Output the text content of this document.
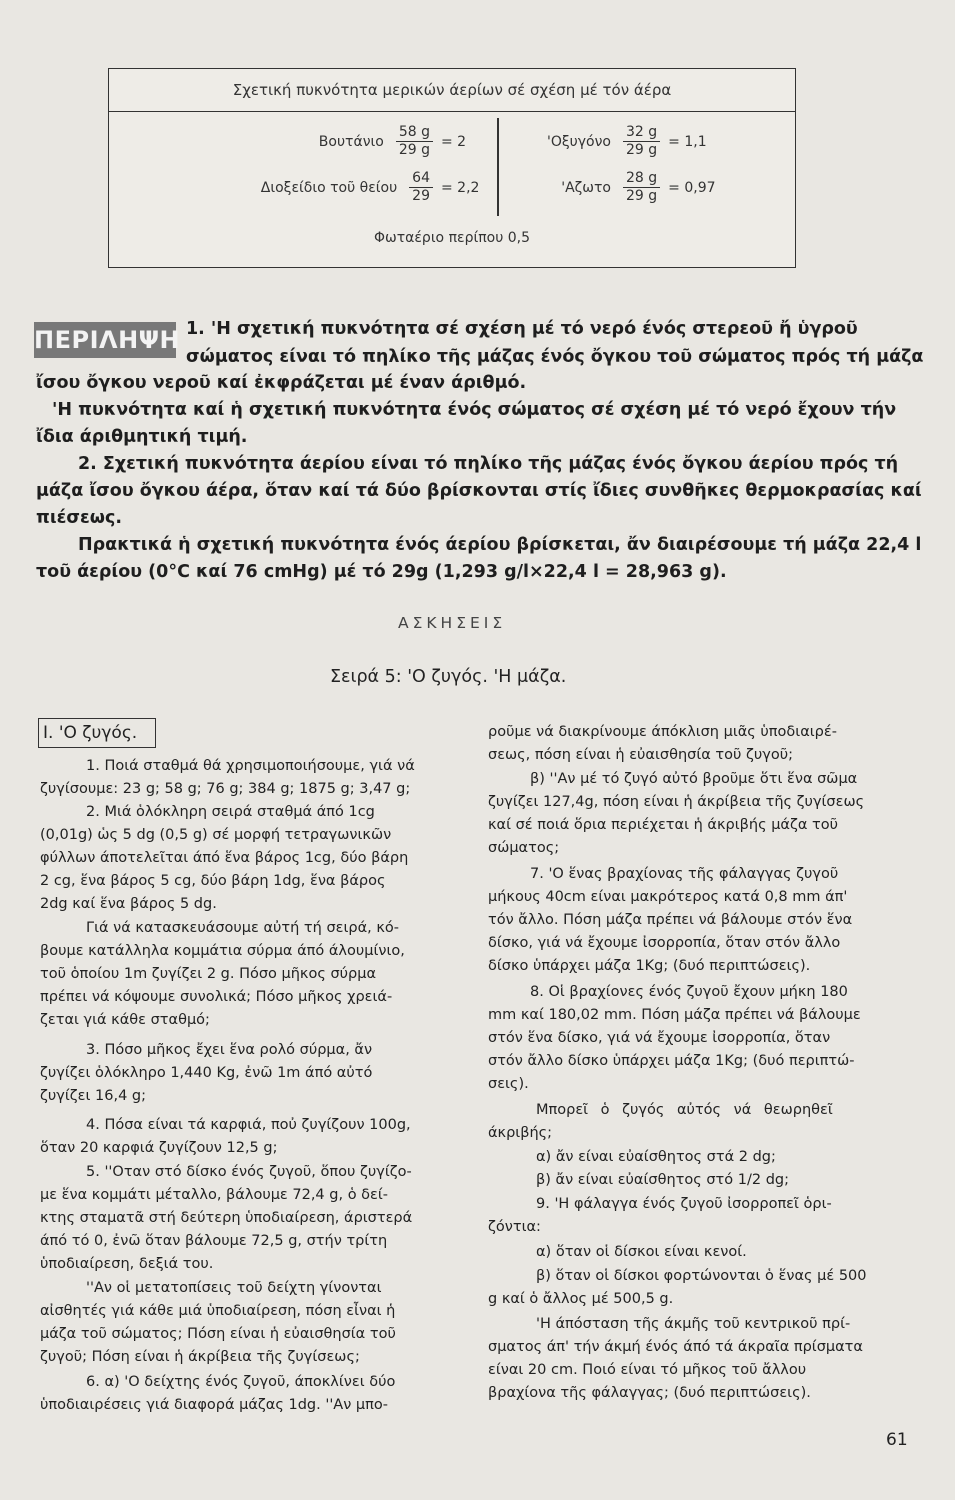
Σχετική πυκνότητα μερικών άερίων σέ σχέση μέ τόν άέρα
Βουτάνιο $\frac{58 g}{29 g} = 2$
Διοξείδιο τοῦ θείου $\frac{64}{29} = 2,2$
'$O\xi\upsilon\gamma ό\nu o \frac{32 g}{29 g} = 1,1$
'$A\zeta\omega\tau o \frac{28 g}{29 g} = 0,97$
Φωταέριο περίπου 0,5
ΠΕΡΙΛΗΨΗ 1. 'Η σχετική πυκνότητα σέ σχέση μέ τό νερό ένός στερεοῦ ἤ ὑγροῦ
σώματος είναι τό πηλίκο τῆς μάζας ένός ὄγκου τοῦ σώματος πρός τή μάζα
ἴσου ὄγκου νεροῦ καί ἐκφράζεται μέ έναν άριθμό.
'Η πυκνότητα καί ἡ σχετική πυκνότητα ένός σώματος σέ σχέση μέ τό νερό ἔχουν τήν
ἴδια άριθμητική τιμή.
2. Σχετική πυκνότητα άερίου είναι τό πηλίκο τῆς μάζας ένός ὄγκου άερίου πρός τή
μάζα ἴσου ὄγκου άέρα, ὅταν καί τά δύο βρίσκονται στίς ἴδιες συνθῆκες θερμοκρασίας καί
πιέσεως.
Πρακτικά ἡ σχετική πυκνότητα ένός άερίου βρίσκεται, ἄν διαιρέσουμε τή μάζα 22,4 l
τοῦ άερίου (0°C καί 76 cmHg) μέ τό 29g (1,293 g/l×22,4 l = 28,963 g).
ΑΣΚΗΣΕΙΣ
Σειρά 5: 'Ο ζυγός. 'Η μάζα.
I. 'Ο ζυγός.
1. Ποιά σταθμά θά χρησιμοποιήσουμε, γιά νά
ζυγίσουμε: 23 g; 58 g; 76 g; 384 g; 1875 g; 3,47 g;
2. Μιά ὁλόκληρη σειρά σταθμά άπό 1cg
(0,01g) ὡς 5 dg (0,5 g) σέ μορφή τετραγωνικῶν
φύλλων άποτελεῖται άπό ἕνα βάρος 1cg, δύο βάρη
2 cg, ἕνα βάρος 5 cg, δύο βάρη 1dg, ἕνα βάρος
2dg καί ἕνα βάρος 5 dg.
Γιά νά κατασκευάσουμε αὐτή τή σειρά, κό-
βουμε κατάλληλα κομμάτια σύρμα άπό άλουμίνιο,
τοῦ ὁποίου 1m ζυγίζει 2 g. Πόσο μῆκος σύρμα
πρέπει νά κόψουμε συνολικά; Πόσο μῆκος χρειά-
ζεται γιά κάθε σταθμό;
3. Πόσο μῆκος ἔχει ἕνα ρολό σύρμα, ἄν
ζυγίζει ὁλόκληρο 1,440 Kg, ἐνῶ 1m άπό αὐτό
ζυγίζει 16,4 g;
4. Πόσα είναι τά καρφιά, ποὐ ζυγίζουν 100g,
ὅταν 20 καρφιά ζυγίζουν 12,5 g;
5. ''Οταν στό δίσκο ένός ζυγοῦ, ὅπου ζυγίζο-
με ἕνα κομμάτι μέταλλο, βάλουμε 72,4 g, ὁ δεί-
κτης σταματᾶ στή δεύτερη ὑποδιαίρεση, άριστερά
άπό τό 0, ἐνῶ ὅταν βάλουμε 72,5 g, στήν τρίτη
ὑποδιαίρεση, δεξιά του.
''Αν οἱ μετατοπίσεις τοῦ δείχτη γίνονται
αἰσθητές γιά κάθε μιά ὑποδιαίρεση, πόση εἶναι ἡ
μάζα τοῦ σώματος; Πόση είναι ἡ εὐαισθησία τοῦ
ζυγοῦ; Πόση είναι ἡ άκρίβεια τῆς ζυγίσεως;
6. α) 'Ο δείχτης ένός ζυγοῦ, άποκλίνει δύο
ὑποδιαιρέσεις γιά διαφορά μάζας 1dg. ''Αν μπο-
ροῦμε νά διακρίνουμε άπόκλιση μιᾶς ὑποδιαιρέ-
σεως, πόση είναι ἡ εὐαισθησία τοῦ ζυγοῦ;
β) ''Αν μέ τό ζυγό αὐτό βροῦμε ὅτι ἕνα σῶμα
ζυγίζει 127,4g, πόση είναι ἡ άκρίβεια τῆς ζυγίσεως
καί σέ ποιά ὅρια περιέχεται ἡ άκριβής μάζα τοῦ
σώματος;
7. 'Ο ἕνας βραχίονας τῆς φάλαγγας ζυγοῦ
μήκους 40cm είναι μακρότερος κατά 0,8 mm άπ'
τόν ἄλλο. Πόση μάζα πρέπει νά βάλουμε στόν ἕνα
δίσκο, γιά νά ἔχουμε ἰσορροπία, ὅταν στόν ἄλλο
δίσκο ὑπάρχει μάζα 1Kg; (δυό περιπτώσεις).
8. Οἱ βραχίονες ένός ζυγοῦ ἔχουν μήκη 180
mm καί 180,02 mm. Πόση μάζα πρέπει νά βάλουμε
στόν ἕνα δίσκο, γιά νά ἔχουμε ἰσορροπία, ὅταν
στόν ἄλλο δίσκο ὑπάρχει μάζα 1Kg; (δυό περιπτώ-
σεις).
Μπορεῖ ὁ ζυγός αὐτός νά θεωρηθεῖ
άκριβής;
α) ἄν είναι εὐαίσθητος στά 2 dg;
β) ἄν είναι εὐαίσθητος στό 1/2 dg;
9. 'Η φάλαγγα ένός ζυγοῦ ἰσορροπεῖ ὁρι-
ζόντια:
α) ὅταν οἱ δίσκοι είναι κενοί.
β) ὅταν οἱ δίσκοι φορτώνονται ὁ ἕνας μέ 500
g καί ὁ ἄλλος μέ 500,5 g.
'Η άπόσταση τῆς άκμῆς τοῦ κεντρικοῦ πρί-
σματος άπ' τήν άκμή ένός άπό τά άκραῖα πρίσματα
είναι 20 cm. Ποιό είναι τό μῆκος τοῦ ἄλλου
βραχίονα τῆς φάλαγγας; (δυό περιπτώσεις).
61
